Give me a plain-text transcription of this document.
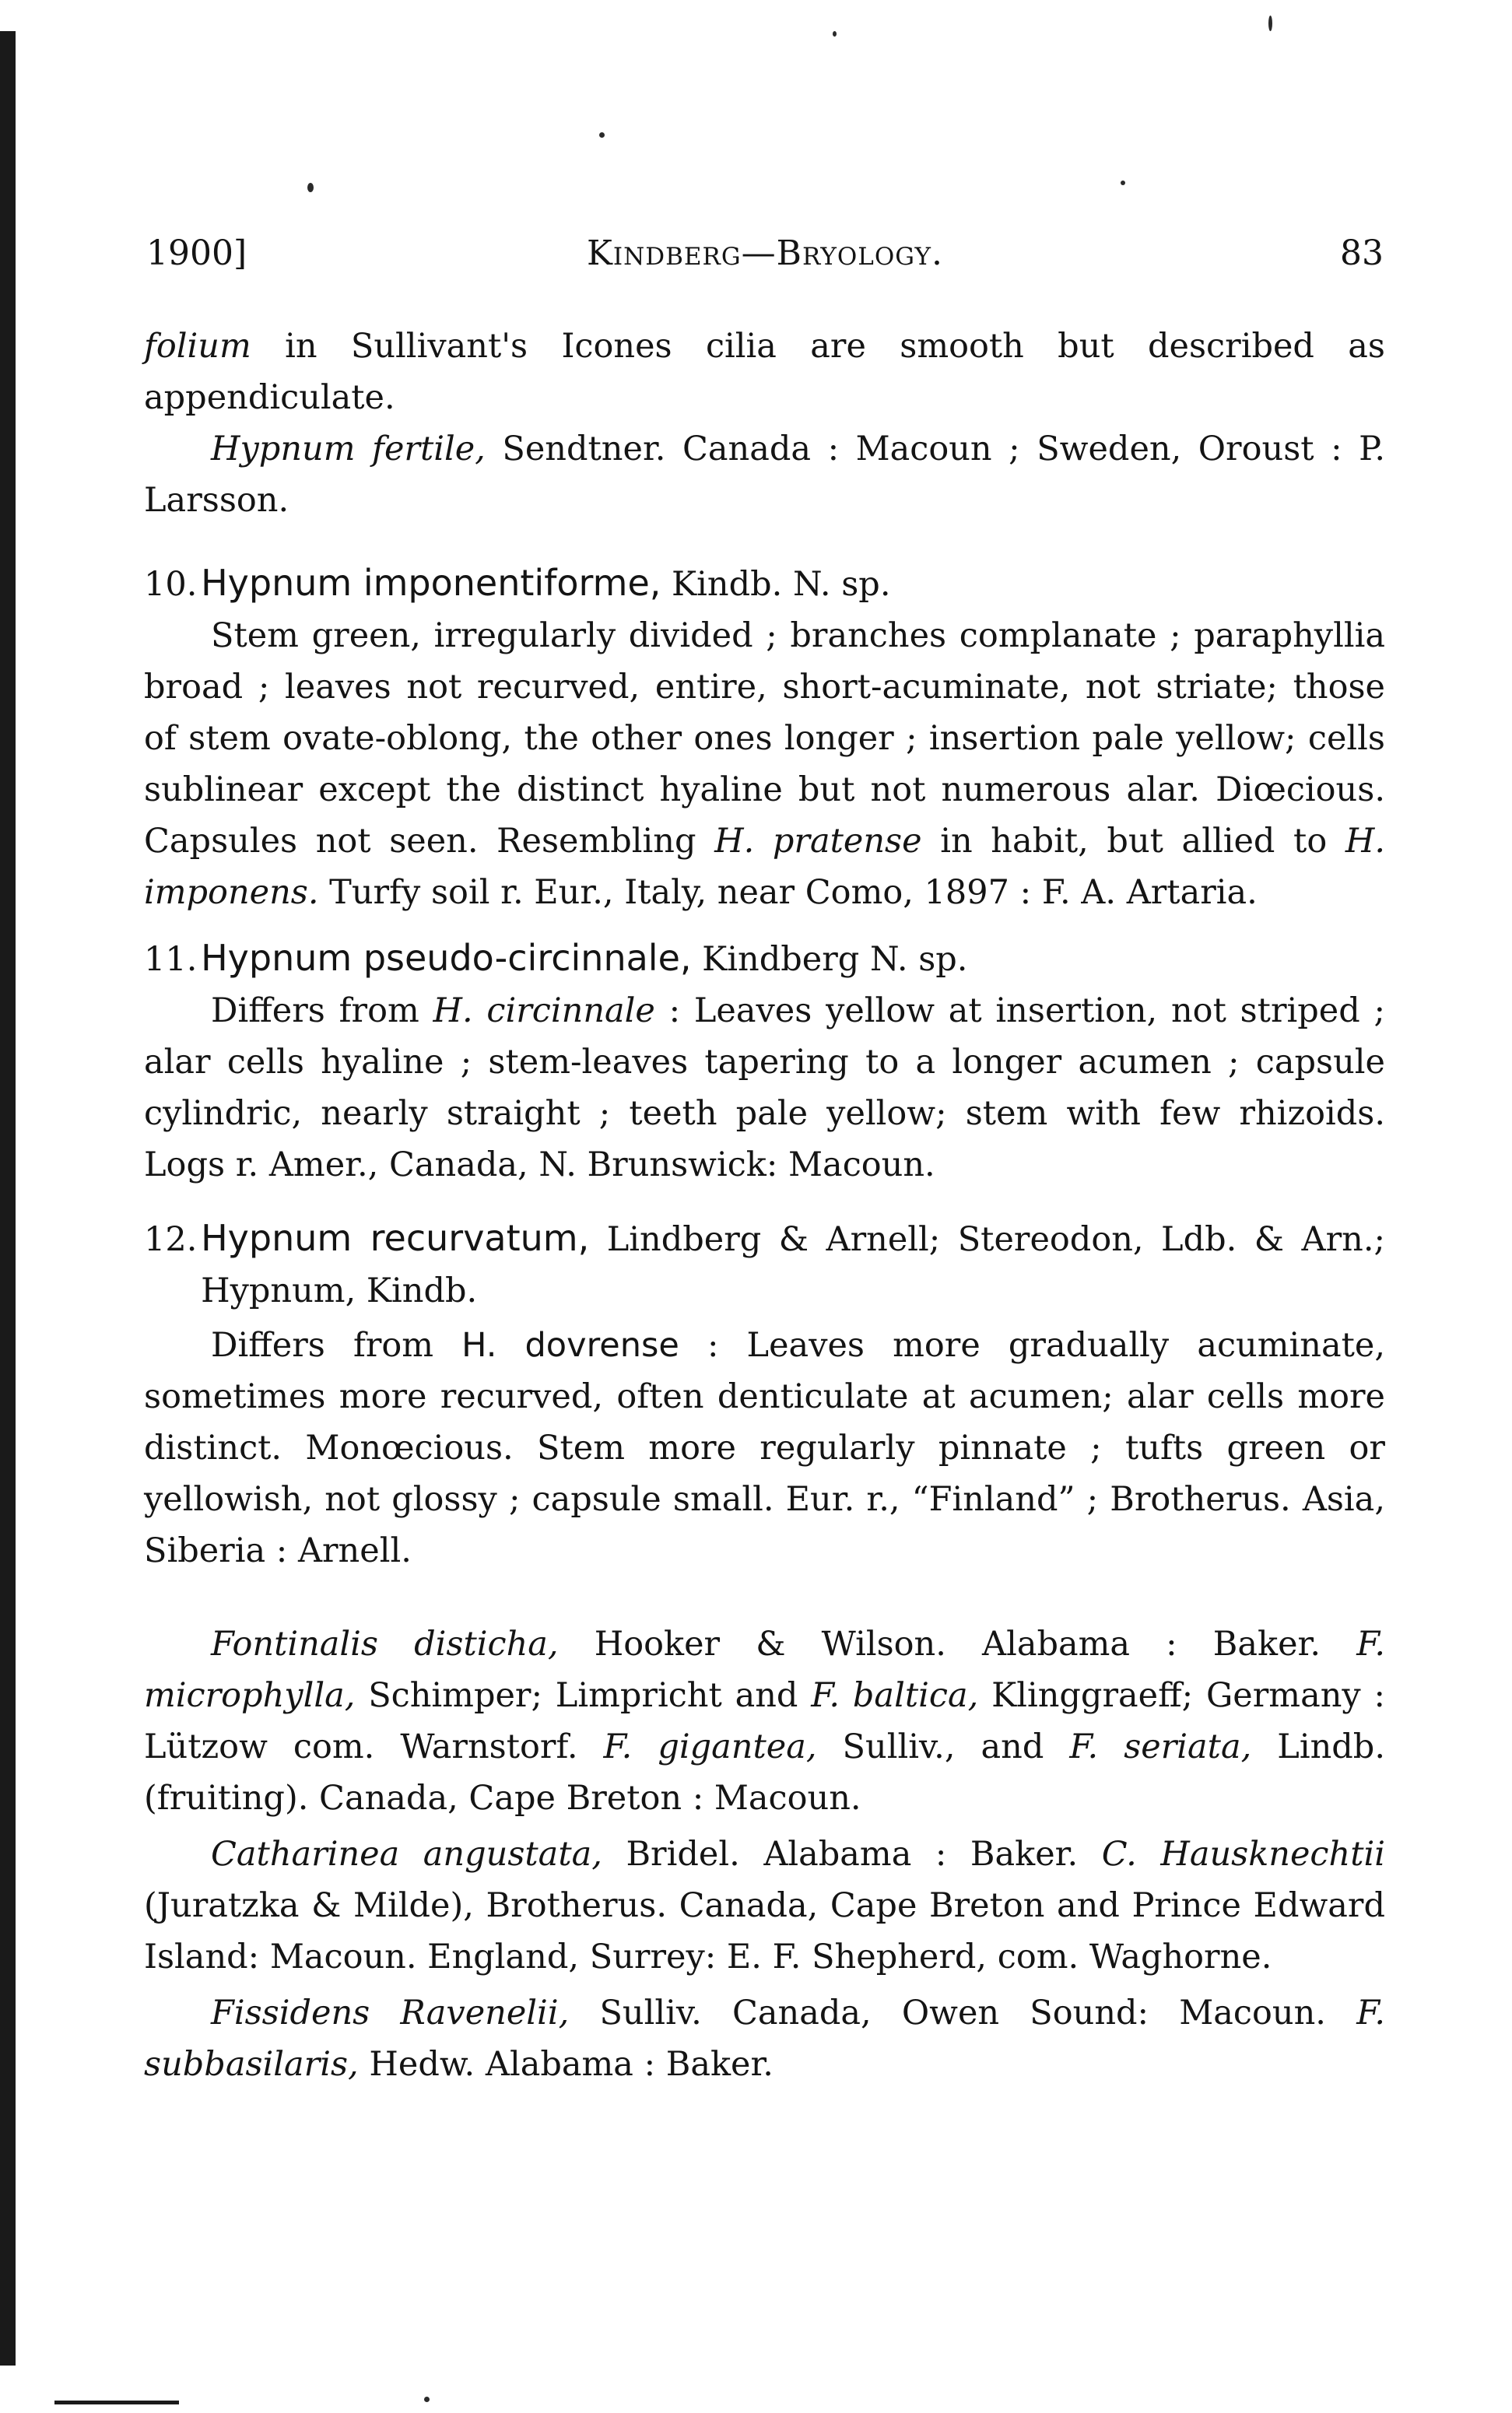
1900]	Kindberg—Bryology.	83

folium in Sullivant's Icones cilia are smooth but described as appendiculate.

Hypnum fertile, Sendtner. Canada : Macoun ; Sweden, Oroust : P. Larsson.

10. Hypnum imponentiforme, Kindb. N. sp.

Stem green, irregularly divided ; branches complanate ; paraphyllia broad ; leaves not recurved, entire, short-acuminate, not striate; those of stem ovate-oblong, the other ones longer ; insertion pale yellow; cells sublinear except the distinct hyaline but not numerous alar. Diœcious. Capsules not seen. Resembling H. pratense in habit, but allied to H. imponens. Turfy soil r. Eur., Italy, near Como, 1897 : F. A. Artaria.

11. Hypnum pseudo-circinnale, Kindberg N. sp.

Differs from H. circinnale : Leaves yellow at insertion, not striped ; alar cells hyaline ; stem-leaves tapering to a longer acumen ; capsule cylindric, nearly straight ; teeth pale yellow; stem with few rhizoids. Logs r. Amer., Canada, N. Brunswick: Macoun.

12. Hypnum recurvatum, Lindberg & Arnell; Stereodon, Ldb. & Arn.; Hypnum, Kindb.

Differs from H. dovrense : Leaves more gradually acuminate, sometimes more recurved, often denticulate at acumen; alar cells more distinct. Monœcious. Stem more regularly pinnate ; tufts green or yellowish, not glossy ; capsule small. Eur. r., “Finland” ; Brotherus. Asia, Siberia : Arnell.

Fontinalis disticha, Hooker & Wilson. Alabama : Baker. F. microphylla, Schimper; Limpricht and F. baltica, Klinggraeff; Germany : Lützow com. Warnstorf. F. gigantea, Sulliv., and F. seriata, Lindb. (fruiting). Canada, Cape Breton : Macoun.

Catharinea angustata, Bridel. Alabama : Baker. C. Hausknechtii (Juratzka & Milde), Brotherus. Canada, Cape Breton and Prince Edward Island: Macoun. England, Surrey: E. F. Shepherd, com. Waghorne.

Fissidens Ravenelii, Sulliv. Canada, Owen Sound: Macoun. F. subbasilaris, Hedw. Alabama : Baker.
